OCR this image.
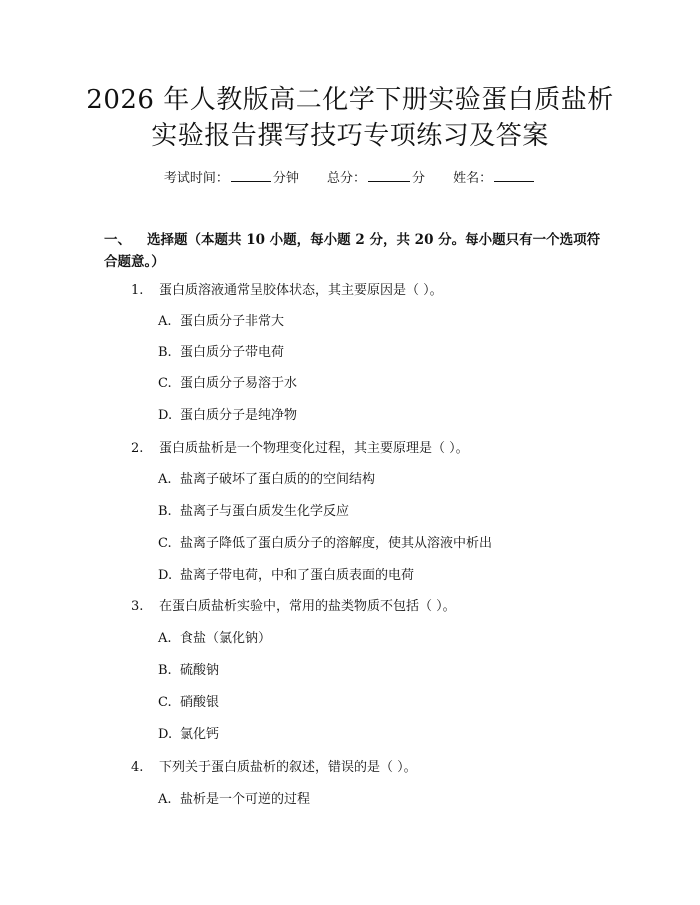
2026 年人教版高二化学下册实验蛋白质盐析
实验报告撰写技巧专项练习及答案
考试时间：	分钟 总分：	分 姓名：
一、 选择题（本题共 10 小题，每小题 2 分，共 20 分。每小题只有一个选项符合题意。）
1. 蛋白质溶液通常呈胶体状态，其主要原因是（ ）。
A. 蛋白质分子非常大
B. 蛋白质分子带电荷
C. 蛋白质分子易溶于水
D. 蛋白质分子是纯净物
2. 蛋白质盐析是一个物理变化过程，其主要原理是（ ）。
A. 盐离子破坏了蛋白质的的空间结构
B. 盐离子与蛋白质发生化学反应
C. 盐离子降低了蛋白质分子的溶解度，使其从溶液中析出
D. 盐离子带电荷，中和了蛋白质表面的电荷
3. 在蛋白质盐析实验中，常用的盐类物质不包括（ ）。
A. 食盐（氯化钠）
B. 硫酸钠
C. 硝酸银
D. 氯化钙
4. 下列关于蛋白质盐析的叙述，错误的是（ ）。
A. 盐析是一个可逆的过程
